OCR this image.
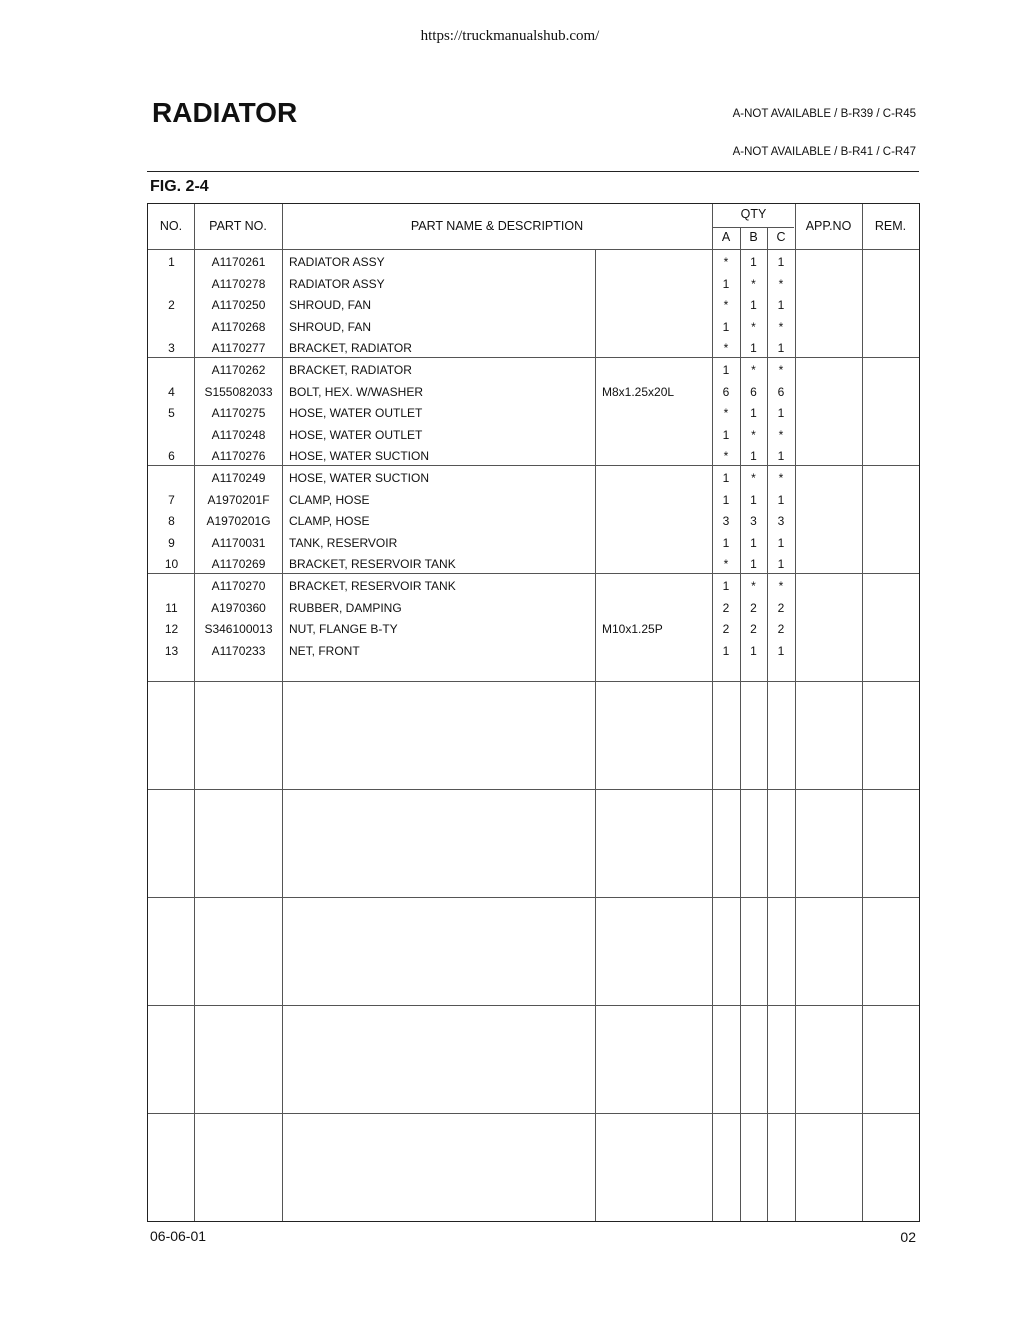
https://truckmanualshub.com/
RADIATOR	A-NOT AVAILABLE / B-R39 / C-R45
A-NOT AVAILABLE / B-R41 / C-R47
FIG. 2-4
NO.	PART NO.	PART NAME & DESCRIPTION
QTY
A	B	C
APP.NO	REM.
1	A1170261	RADIATOR ASSY	*	1	1
A1170278	RADIATOR ASSY	1	*	*
2	A1170250	SHROUD, FAN	*	1	1
A1170268	SHROUD, FAN	1	*	*
3	A1170277	BRACKET, RADIATOR	*	1	1
A1170262	BRACKET, RADIATOR	1	*	*
4	S155082033	BOLT, HEX. W/WASHER	M8x1.25x20L	6	6	6
5	A1170275	HOSE, WATER OUTLET	*	1	1
A1170248	HOSE, WATER OUTLET	1	*	*
6	A1170276	HOSE, WATER SUCTION	*	1	1
A1170249	HOSE, WATER SUCTION	1	*	*
7	A1970201F	CLAMP, HOSE	1	1	1
8	A1970201G	CLAMP, HOSE	3	3	3
9	A1170031	TANK, RESERVOIR	1	1	1
10	A1170269	BRACKET, RESERVOIR TANK	*	1	1
A1170270	BRACKET, RESERVOIR TANK	1	*	*
11	A1970360	RUBBER, DAMPING	2	2	2
12	S346100013	NUT, FLANGE B-TY	M10x1.25P	2	2	2
13	A1170233	NET, FRONT	1	1	1
06-06-01	02
